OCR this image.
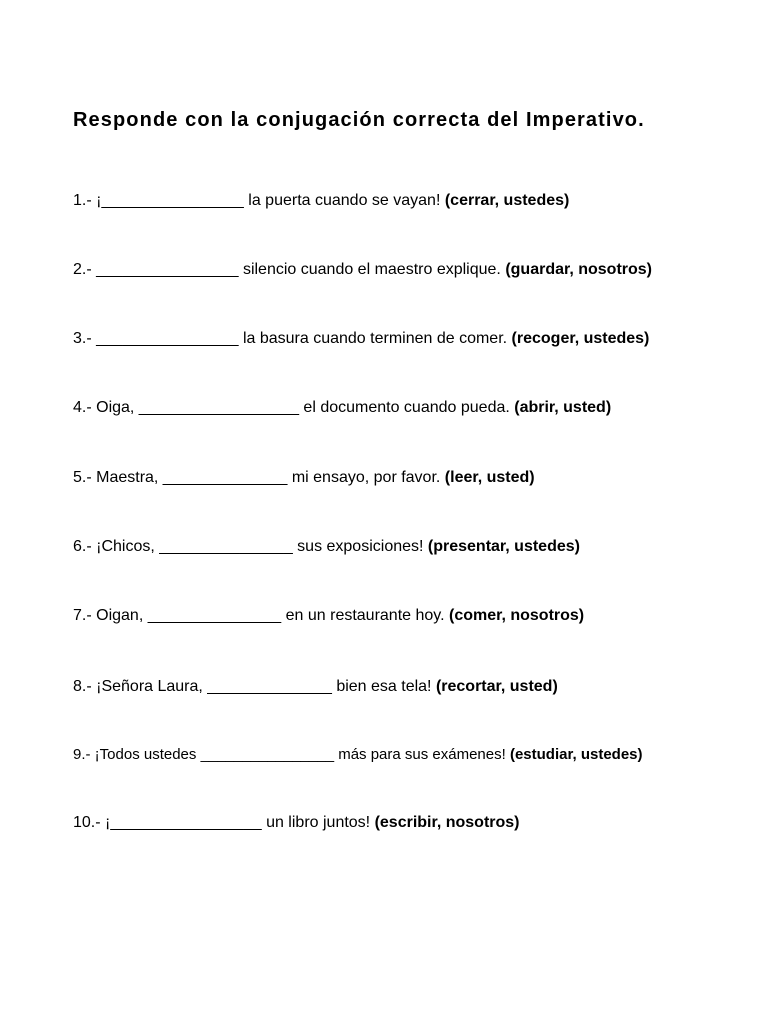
Responde con la conjugación correcta del Imperativo.
1.- ¡________________ la puerta cuando se vayan! (cerrar, ustedes)
2.- ________________ silencio cuando el maestro explique. (guardar, nosotros)
3.- ________________ la basura cuando terminen de comer. (recoger, ustedes)
4.- Oiga, __________________ el documento cuando pueda. (abrir, usted)
5.- Maestra, ______________ mi ensayo, por favor. (leer, usted)
6.- ¡Chicos, _______________ sus exposiciones! (presentar, ustedes)
7.- Oigan, _______________ en un restaurante hoy. (comer, nosotros)
8.- ¡Señora Laura, ______________ bien esa tela! (recortar, usted)
9.- ¡Todos ustedes ________________ más para sus exámenes! (estudiar, ustedes)
10.- ¡_________________ un libro juntos! (escribir, nosotros)
